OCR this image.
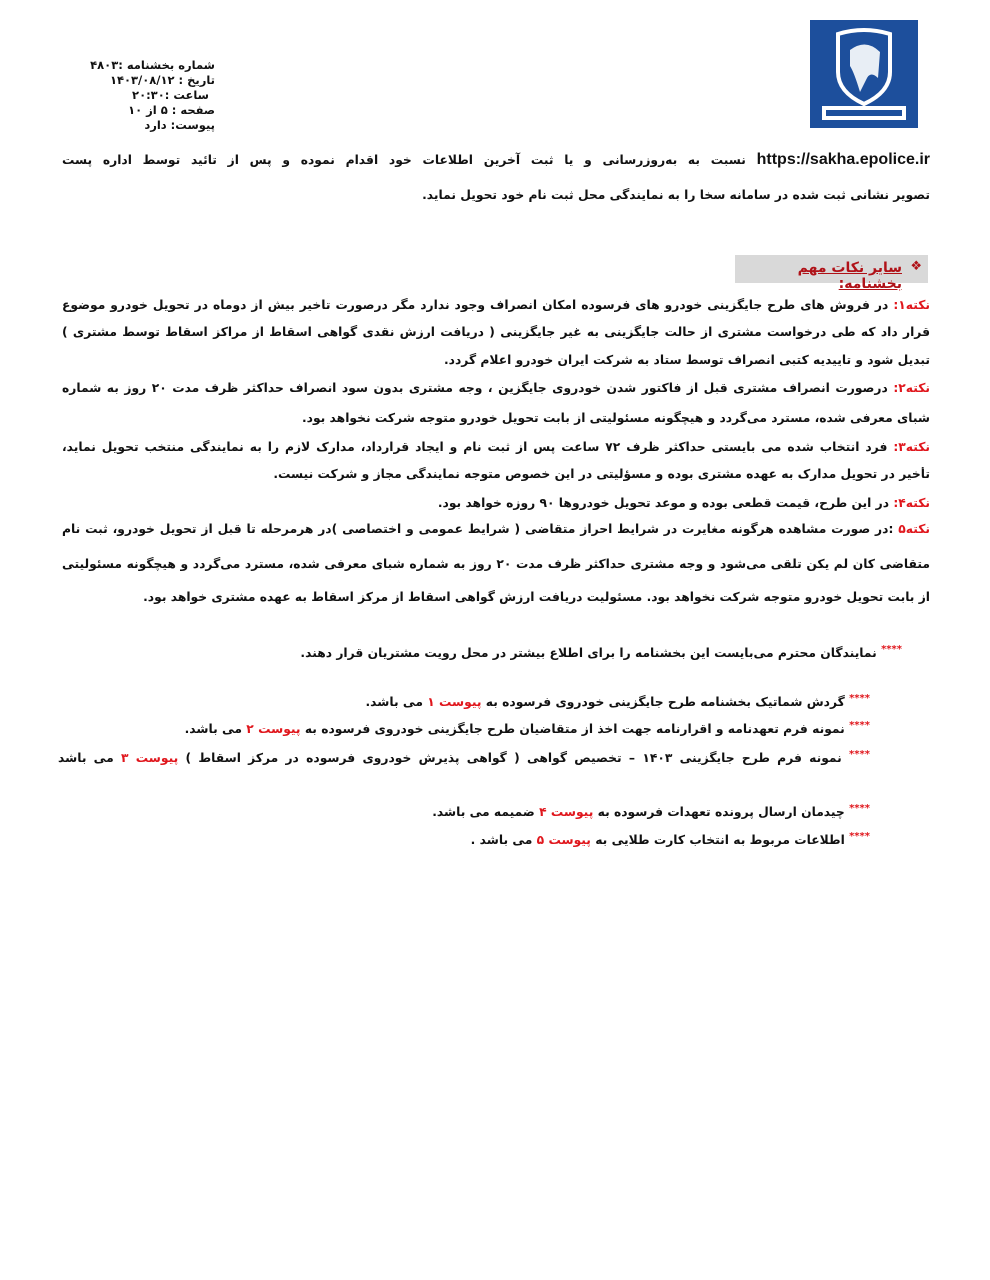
شماره بخشنامه :۴۸۰۳
تاریخ : ۱۴۰۳/۰۸/۱۲
ساعت :۲۰:۳۰
صفحه : ۵ از ۱۰
پیوست: دارد
https://sakha.epolice.ir نسبت به به‌روزرسانی و یا ثبت آخرین اطلاعات خود اقدام نموده و پس از تائید توسط اداره پست
تصویر نشانی ثبت شده در سامانه سخا را به نمایندگی محل ثبت نام خود تحویل نماید.
❖
سایر نکات مهم بخشنامه:
نکته۱: در فروش های طرح جایگزینی خودرو های فرسوده امکان انصراف وجود ندارد مگر درصورت تاخیر بیش از دوماه در تحویل خودرو موضوع
قرار داد که طی درخواست مشتری از حالت جایگزینی به غیر جایگزینی ( دریافت ارزش نقدی گواهی اسقاط از مراکز اسقاط توسط مشتری )
تبدیل شود و تاییدیه کتبی انصراف توسط ستاد به شرکت ایران خودرو اعلام گردد.
نکته۲: درصورت انصراف مشتری قبل از فاکتور شدن خودروی جایگزین ، وجه مشتری بدون سود انصراف حداکثر ظرف مدت ۲۰ روز به شماره
شبای معرفی شده، مسترد می‌گردد و هیچگونه مسئولیتی از بابت تحویل خودرو متوجه شرکت نخواهد بود.
نکته۳: فرد انتخاب شده می بایستی حداکثر ظرف ۷۲ ساعت پس از ثبت نام و ایجاد قرارداد، مدارک لازم را به نمایندگی منتخب تحویل نماید،
تأخیر در تحویل مدارک به عهده مشتری بوده و مسؤلیتی در این خصوص متوجه نمایندگی مجاز و شرکت نیست.
نکته۴: در این طرح، قیمت قطعی بوده و موعد تحویل خودروها ۹۰ روزه خواهد بود.
نکته۵ :در صورت مشاهده هرگونه مغایرت در شرایط احراز متقاضی ( شرایط عمومی و اختصاصی )در هرمرحله تا قبل از تحویل خودرو، ثبت نام
متقاضی کان لم یکن تلقی می‌شود و وجه مشتری حداکثر ظرف مدت ۲۰ روز به شماره شبای معرفی شده، مسترد می‌گردد و هیچگونه مسئولیتی
از بابت تحویل خودرو متوجه شرکت نخواهد بود. مسئولیت دریافت ارزش گواهی اسقاط از مرکز اسقاط به عهده مشتری خواهد بود.
**** نمایندگان محترم می‌بایست این بخشنامه را برای اطلاع بیشتر در محل رویت مشتریان قرار دهند.
**** گردش شماتیک بخشنامه طرح جایگزینی خودروی فرسوده به پیوست ۱ می باشد.
**** نمونه فرم تعهدنامه و اقرارنامه جهت اخذ از متقاضیان طرح جایگزینی خودروی فرسوده به پیوست ۲ می باشد.
**** نمونه فرم طرح جایگزینی ۱۴۰۳ – تخصیص گواهی ( گواهی پذیرش خودروی فرسوده در مرکز اسقاط ) پیوست ۳ می باشد
**** چیدمان ارسال پرونده تعهدات فرسوده به پیوست ۴ ضمیمه می باشد.
**** اطلاعات مربوط به انتخاب کارت طلایی به پیوست ۵ می باشد .
